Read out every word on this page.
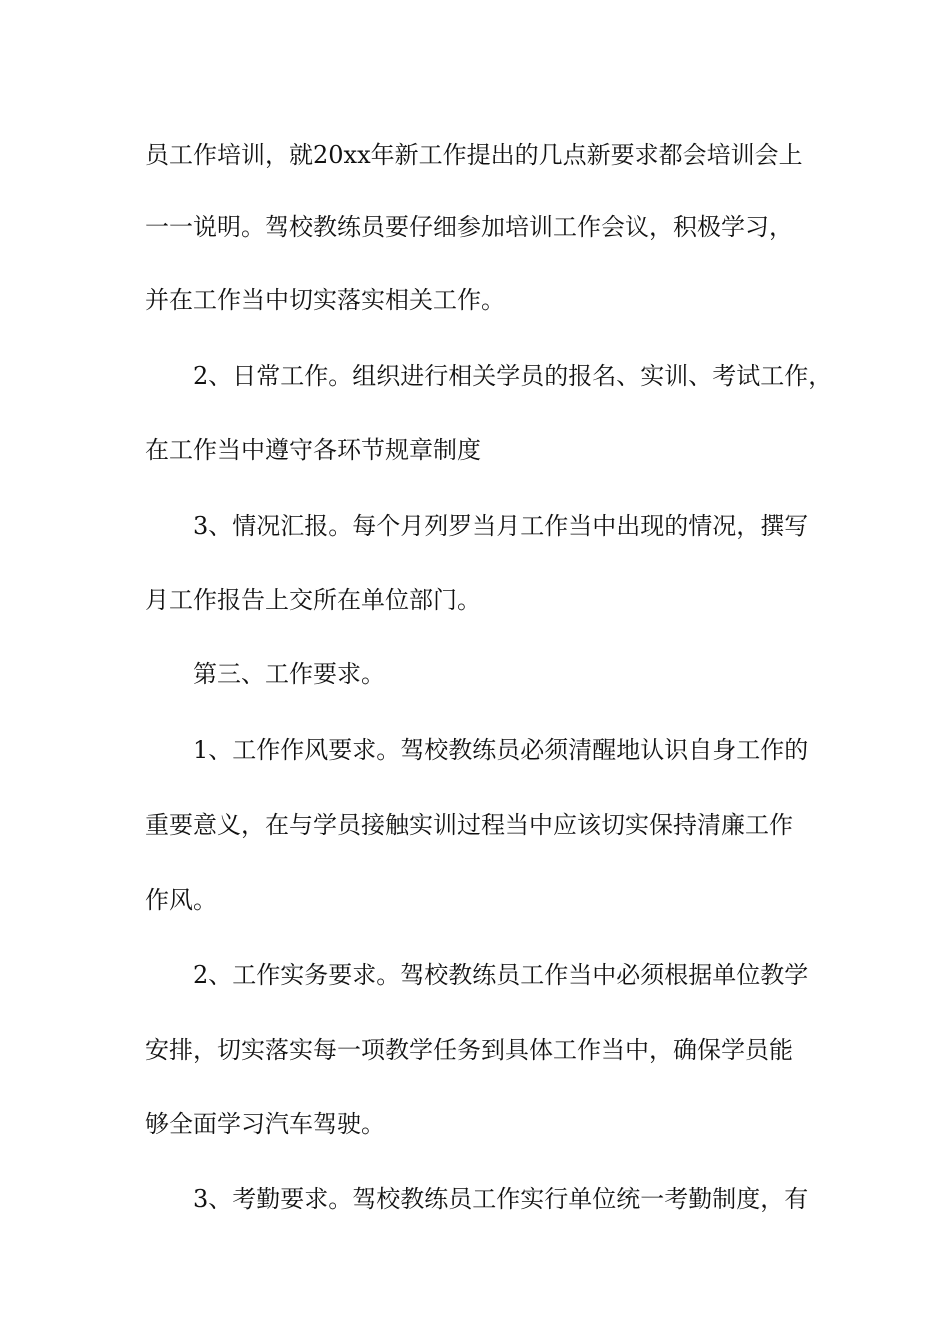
员工作培训，就20xx年新工作提出的几点新要求都会培训会上
一一说明。驾校教练员要仔细参加培训工作会议，积极学习，
并在工作当中切实落实相关工作。
2、日常工作。组织进行相关学员的报名、实训、考试工作，
在工作当中遵守各环节规章制度
3、情况汇报。每个月列罗当月工作当中出现的情况，撰写
月工作报告上交所在单位部门。
第三、工作要求。
1、工作作风要求。驾校教练员必须清醒地认识自身工作的
重要意义，在与学员接触实训过程当中应该切实保持清廉工作
作风。
2、工作实务要求。驾校教练员工作当中必须根据单位教学
安排，切实落实每一项教学任务到具体工作当中，确保学员能
够全面学习汽车驾驶。
3、考勤要求。驾校教练员工作实行单位统一考勤制度，有
